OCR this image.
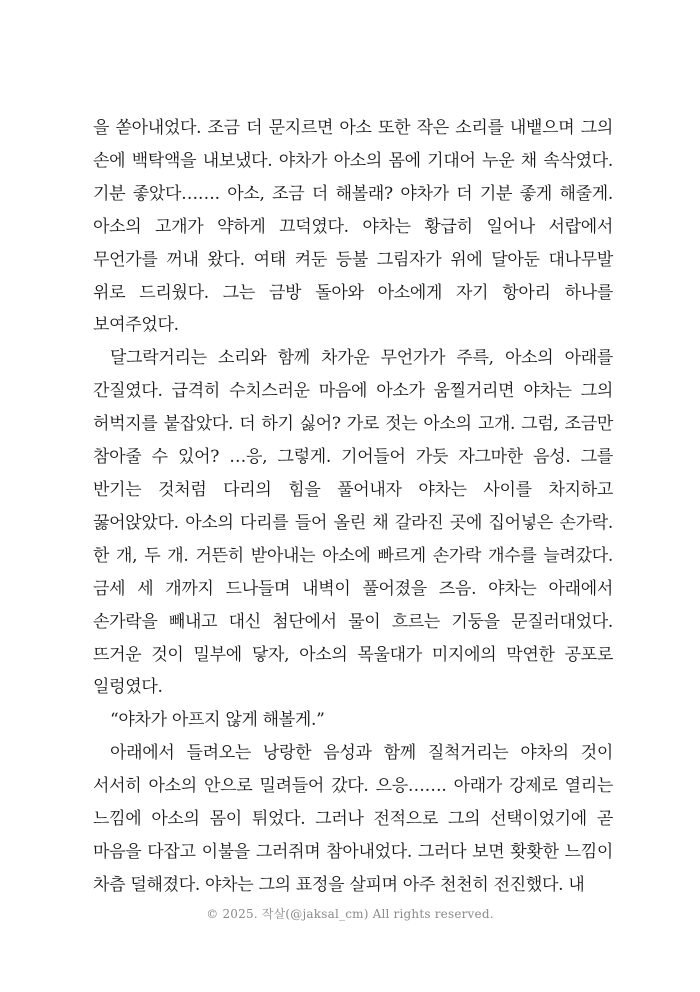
을 쏟아내었다. 조금 더 문지르면 아소 또한 작은 소리를 내뱉으며 그의 손에 백탁액을 내보냈다. 야차가 아소의 몸에 기대어 누운 채 속삭였다. 기분 좋았다……. 아소, 조금 더 해볼래? 야차가 더 기분 좋게 해줄게. 아소의 고개가 약하게 끄덕였다. 야차는 황급히 일어나 서랍에서 무언가를 꺼내 왔다. 여태 켜둔 등불 그림자가 위에 달아둔 대나무발 위로 드리웠다. 그는 금방 돌아와 아소에게 자기 항아리 하나를 보여주었다.

달그락거리는 소리와 함께 차가운 무언가가 주륵, 아소의 아래를 간질였다. 급격히 수치스러운 마음에 아소가 움찔거리면 야차는 그의 허벅지를 붙잡았다. 더 하기 싫어? 가로 젓는 아소의 고개. 그럼, 조금만 참아줄 수 있어? …응, 그렇게. 기어들어 가듯 자그마한 음성. 그를 반기는 것처럼 다리의 힘을 풀어내자 야차는 사이를 차지하고 꿇어앉았다. 아소의 다리를 들어 올린 채 갈라진 곳에 집어넣은 손가락. 한 개, 두 개. 거뜬히 받아내는 아소에 빠르게 손가락 개수를 늘려갔다. 금세 세 개까지 드나들며 내벽이 풀어졌을 즈음. 야차는 아래에서 손가락을 빼내고 대신 첨단에서 물이 흐르는 기둥을 문질러대었다. 뜨거운 것이 밀부에 닿자, 아소의 목울대가 미지에의 막연한 공포로 일렁였다.

“야차가 아프지 않게 해볼게.”

아래에서 들려오는 낭랑한 음성과 함께 질척거리는 야차의 것이 서서히 아소의 안으로 밀려들어 갔다. 으응……. 아래가 강제로 열리는 느낌에 아소의 몸이 튀었다. 그러나 전적으로 그의 선택이었기에 곧 마음을 다잡고 이불을 그러쥐며 참아내었다. 그러다 보면 홧홧한 느낌이 차츰 덜해졌다. 야차는 그의 표정을 살피며 아주 천천히 전진했다. 내

© 2025. 작살(@jaksal_cm) All rights reserved.
